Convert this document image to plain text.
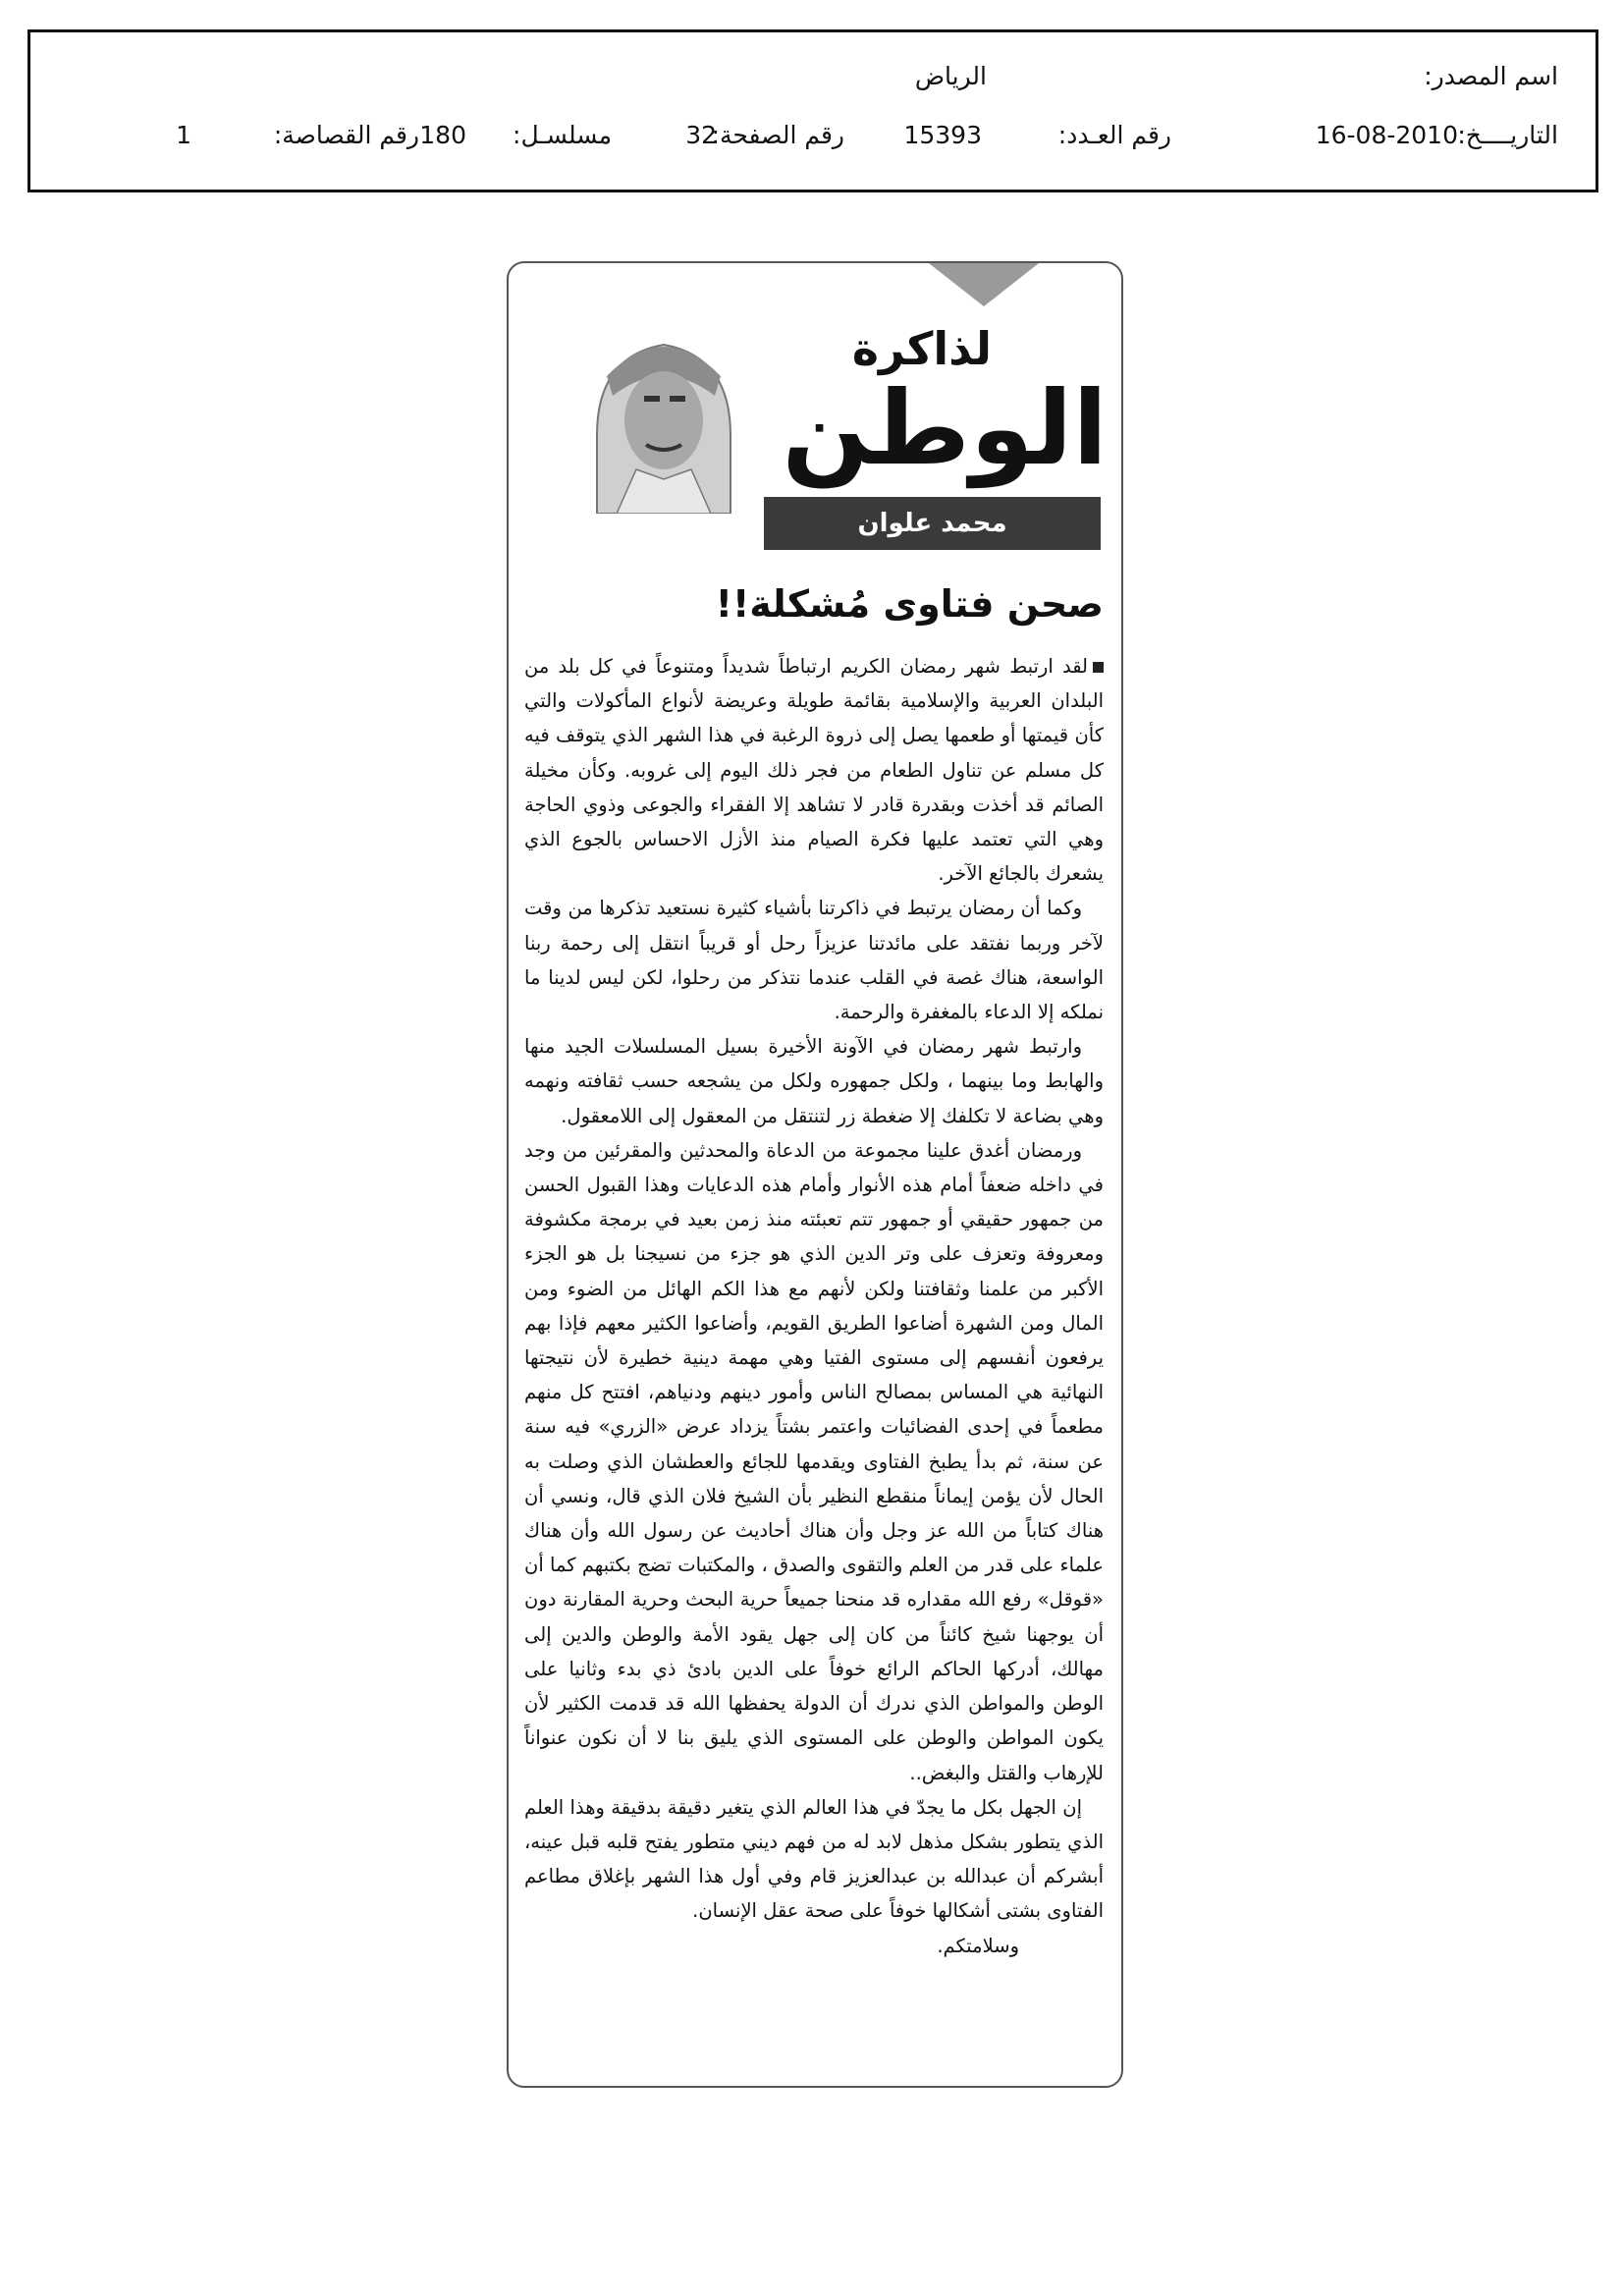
اسم المصدر:
الرياض
التاريــــخ:
16-08-2010
رقم العـدد:
15393
رقم الصفحة:
32
مسلسـل:
180
رقم القصاصة:
1
لذاكرة
الوطن
محمد علوان
صحن فتاوى مُشكلة!!

لقد ارتبط شهر رمضان الكريم ارتباطاً شديداً ومتنوعاً في كل بلد من البلدان العربية والإسلامية بقائمة طويلة وعريضة لأنواع المأكولات والتي كأن قيمتها أو طعمها يصل إلى ذروة الرغبة في هذا الشهر الذي يتوقف فيه كل مسلم عن تناول الطعام من فجر ذلك اليوم إلى غروبه. وكأن مخيلة الصائم قد أخذت وبقدرة قادر لا تشاهد إلا الفقراء والجوعى وذوي الحاجة وهي التي تعتمد عليها فكرة الصيام منذ الأزل الاحساس بالجوع الذي يشعرك بالجائع الآخر.

وكما أن رمضان يرتبط في ذاكرتنا بأشياء كثيرة نستعيد تذكرها من وقت لآخر وربما نفتقد على مائدتنا عزيزاً رحل أو قريباً انتقل إلى رحمة ربنا الواسعة، هناك غصة في القلب عندما نتذكر من رحلوا، لكن ليس لدينا ما نملكه إلا الدعاء بالمغفرة والرحمة.

وارتبط شهر رمضان في الآونة الأخيرة بسيل المسلسلات الجيد منها والهابط وما بينهما ، ولكل جمهوره ولكل من يشجعه حسب ثقافته ونهمه وهي بضاعة لا تكلفك إلا ضغطة زر لتنتقل من المعقول إلى اللامعقول.

ورمضان أغدق علينا مجموعة من الدعاة والمحدثين والمقرئين من وجد في داخله ضعفاً أمام هذه الأنوار وأمام هذه الدعايات وهذا القبول الحسن من جمهور حقيقي أو جمهور تتم تعبئته منذ زمن بعيد في برمجة مكشوفة ومعروفة وتعزف على وتر الدين الذي هو جزء من نسيجنا بل هو الجزء الأكبر من علمنا وثقافتنا ولكن لأنهم مع هذا الكم الهائل من الضوء ومن المال ومن الشهرة أضاعوا الطريق القويم، وأضاعوا الكثير معهم فإذا بهم يرفعون أنفسهم إلى مستوى الفتيا وهي مهمة دينية خطيرة لأن نتيجتها النهائية هي المساس بمصالح الناس وأمور دينهم ودنياهم، افتتح كل منهم مطعماً في إحدى الفضائيات واعتمر بشتاً يزداد عرض «الزري» فيه سنة عن سنة، ثم بدأ يطبخ الفتاوى ويقدمها للجائع والعطشان الذي وصلت به الحال لأن يؤمن إيماناً منقطع النظير بأن الشيخ فلان الذي قال، ونسي أن هناك كتاباً من الله عز وجل وأن هناك أحاديث عن رسول الله وأن هناك علماء على قدر من العلم والتقوى والصدق ، والمكتبات تضج بكتبهم كما أن «قوقل» رفع الله مقداره قد منحنا جميعاً حرية البحث وحرية المقارنة دون أن يوجهنا شيخ كائناً من كان إلى جهل يقود الأمة والوطن والدين إلى مهالك، أدركها الحاكم الرائع خوفاً على الدين بادئ ذي بدء وثانيا على الوطن والمواطن الذي ندرك أن الدولة يحفظها الله قد قدمت الكثير لأن يكون المواطن والوطن على المستوى الذي يليق بنا لا أن نكون عنواناً للإرهاب والقتل والبغض..

إن الجهل بكل ما يجدّ في هذا العالم الذي يتغير دقيقة بدقيقة وهذا العلم الذي يتطور بشكل مذهل لابد له من فهم ديني متطور يفتح قلبه قبل عينه، أبشركم أن عبدالله بن عبدالعزيز قام وفي أول هذا الشهر بإغلاق مطاعم الفتاوى بشتى أشكالها خوفاً على صحة عقل الإنسان.

وسلامتكم.
